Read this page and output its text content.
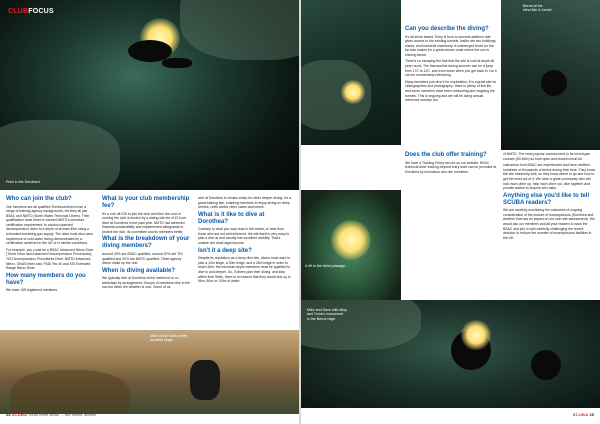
CLUBFOCUS
Pulsi in the Dorotheo!
Who can join the club?

Our members are all qualified Technical divers from a range of training agency backgrounds, but they all join BSAC and NMTD (North Wales Technical Divers). Their qualification must meet or exceed NMTD's minimum certification requirement, to conduct planned decompression dives to a depth of at least 45m using a redundant breathing gas supply. The diver must also have experience of cold-water diving demonstrated by a certification achieved in the UK or in similar conditions.

For example, you could be a BSAC Advanced Nitrox Diver (Trimix Diver and Advanced Decompression Procedures), TDI Decompression Procedures Diver, NMTD Advanced Nitrox, GNAS three-star, PADI Tec 40 and SSI Extended Range Nitrox Diver.

How many members do you have?

We have 105 registered members.

What is your club membership fee?

It's a one-off £25 to join the club and then the cost of running the club is funded by a dating site fee of £10 per diver at Dorothea in the past year. NMTD has achieved financial sustainability and implemented safeguards to protect the club, its committee and its members better.

What is the breakdown of your diving members?

Around 40% are BSAC qualified, around 20% are TDI qualified and 20% are NMTD qualified. Other agency divers make up the rest.

When is diving available?

We typically dive at Dorothea at the weekend or on weekdays by arrangement. Groups of members dive in the sun but when the weather is nice. Some of us

dive at Dorothea to remain sharp for other deeper diving: it's a great training site, enabling members to enjoy diving on deep wrecks, reefs and/or other caves and mines.

What is it like to dive at Dorothea?

Contrary to what you may read in the media, or hear from those who are not well informed, the site itself is very easy to plan a dive at and usually has excellent visibility. That's outside two amid algal blooms.

Isn't it a deep site?

Despite its reputation as a deep dive site, divers must want to plan a 10m ledge, a 30m ledge, and a 25m ledge in order to reach 45m: the minimum depth members must be qualified to dive to and deeper. So, if divers plan their diving, and stay within their limits, there is no reason that they would end up in 66m, 80m or 100m of water.

Mike at the clubs newly
installed stage
24 SCUBA Read more about ... the divers' stories
Bernd at the
blind fish & tunnel
Can you describe the diving?

It's all stone based. Entry is from a concrete platform that gives access to the existing tunnels. Inside are two buildings, sheds, and industrial machinery. A submerged fence on the far side makes for a great stream route where the sun is shining above.

There's no escaping the fact that the site is cold at depth all year round. The thermocline during summer can be a jump from 17C to 12C, and even lower when you get back in. Ice it can be momentarily refreshing.

Many members just dive it for exploration, it is a great site for videographers and photography; there is plenty of fish life, and some members have been measuring and mapping the tunnels. This is ongoing and we will be doing annual reference surveys too.

Does the club offer training?

We have a Training Policy set out on our website. BSAC technical diver training beyond entry level can be provided at Dorothea by instructors who are members

of NMTD. The most popular courses tend to be mixed gas courses (50-60m) so both open and closed circuit kit.

Instructors from BSAC are experienced and have certified hundreds or thousands of divers during their time. They know the site extremely well, so they know where to go and how to get the most out of it. We have a great community who will look each other up, help each other out, dive together and provide advice to anyone who asks.

Anything else you'd like to tell SCUBA readers?

We are carefully monitoring the outcomes of ongoing consideration of the closure of inconspicuous (Dorothea and whether that has an impact on our own site assessment). We would ask our members and all your readers to back the BSAC and join in with carefully challenging the recent decision to reduce the number of inconspicuous facilities in the UK.

A rift in the blind passage...
Mike and Dave with alloy
and Toms's monument
in the Bernd ridge
SCUBA 25
